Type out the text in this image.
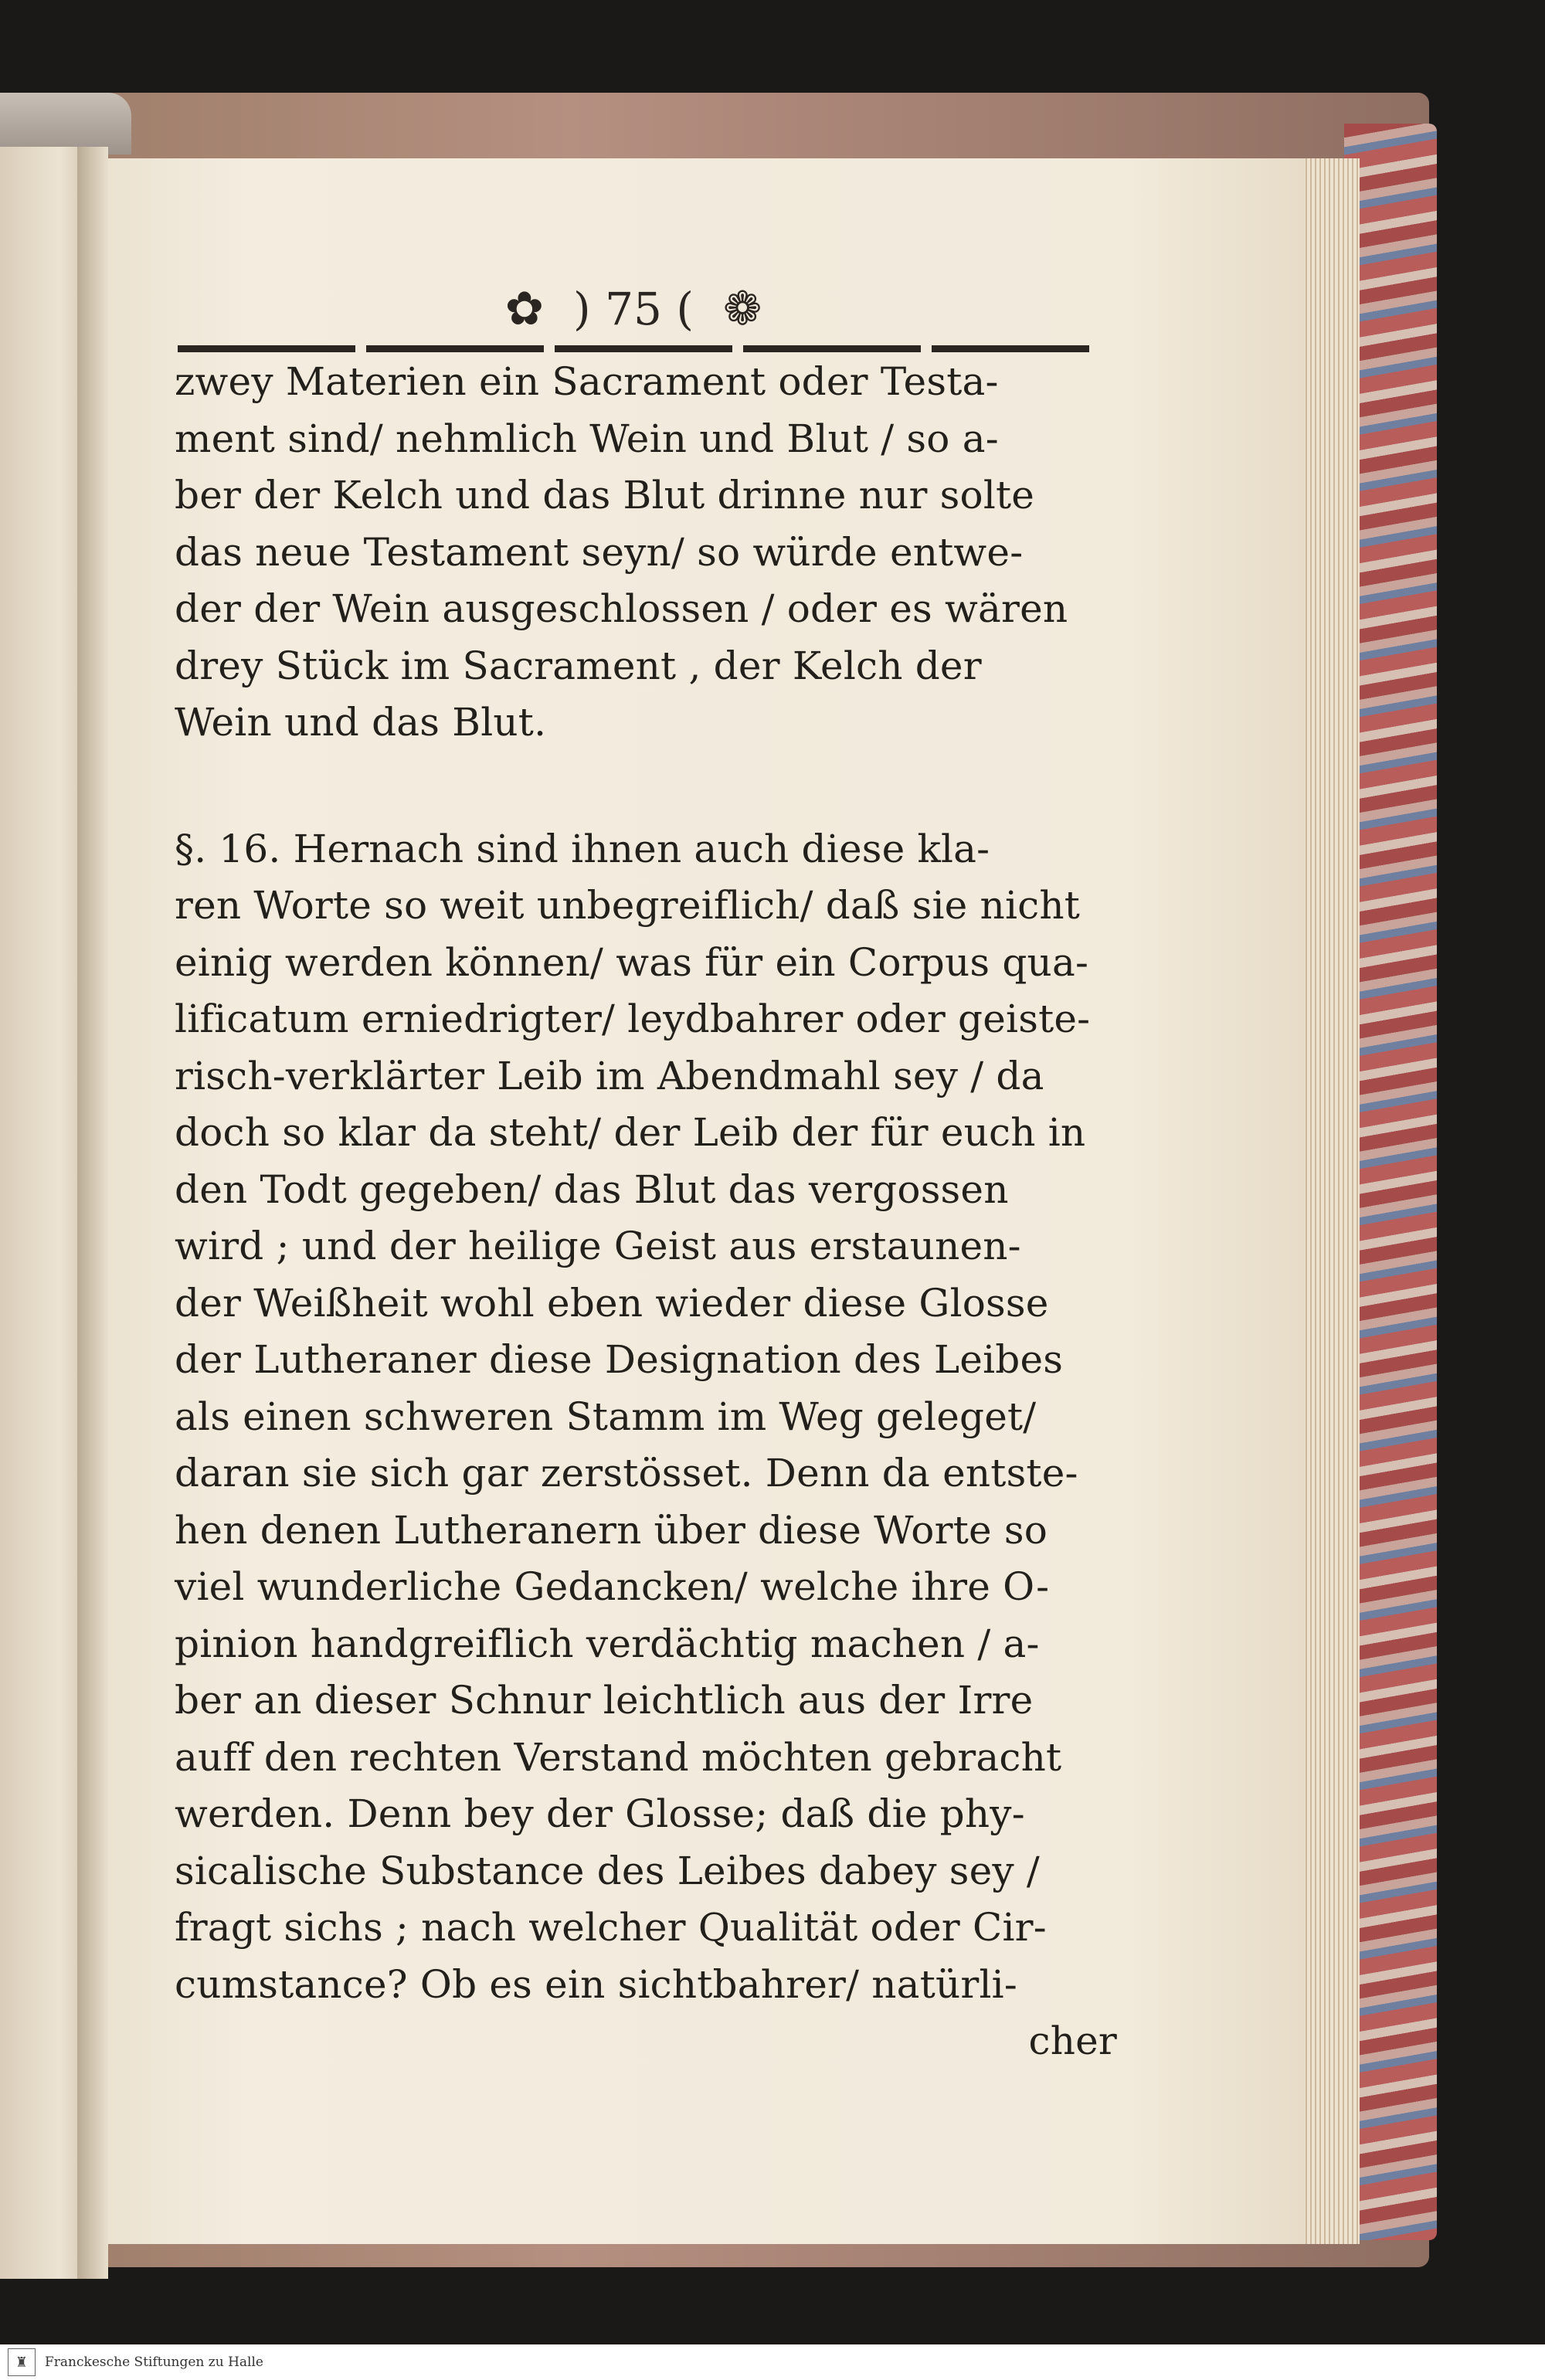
✿ ) 75 ( ❁
zwey Materien ein Sacrament oder Testa-
ment sind/ nehmlich Wein und Blut / so a-
ber der Kelch und das Blut drinne nur solte
das neue Testament seyn/ so würde entwe-
der der Wein ausgeschlossen / oder es wären
drey Stück im Sacrament , der Kelch der
Wein und das Blut.
§. 16. Hernach sind ihnen auch diese kla-
ren Worte so weit unbegreiflich/ daß sie nicht
einig werden können/ was für ein Corpus qua-
lificatum erniedrigter/ leydbahrer oder geiste-
risch-verklärter Leib im Abendmahl sey / da
doch so klar da steht/ der Leib der für euch in
den Todt gegeben/ das Blut das vergossen
wird ; und der heilige Geist aus erstaunen-
der Weißheit wohl eben wieder diese Glosse
der Lutheraner diese Designation des Leibes
als einen schweren Stamm im Weg geleget/
daran sie sich gar zerstösset. Denn da entste-
hen denen Lutheranern über diese Worte so
viel wunderliche Gedancken/ welche ihre O-
pinion handgreiflich verdächtig machen / a-
ber an dieser Schnur leichtlich aus der Irre
auff den rechten Verstand möchten gebracht
werden. Denn bey der Glosse; daß die phy-
sicalische Substance des Leibes dabey sey /
fragt sichs ; nach welcher Qualität oder Cir-
cumstance? Ob es ein sichtbahrer/ natürli-
cher
♜	Franckesche Stiftungen zu Halle
